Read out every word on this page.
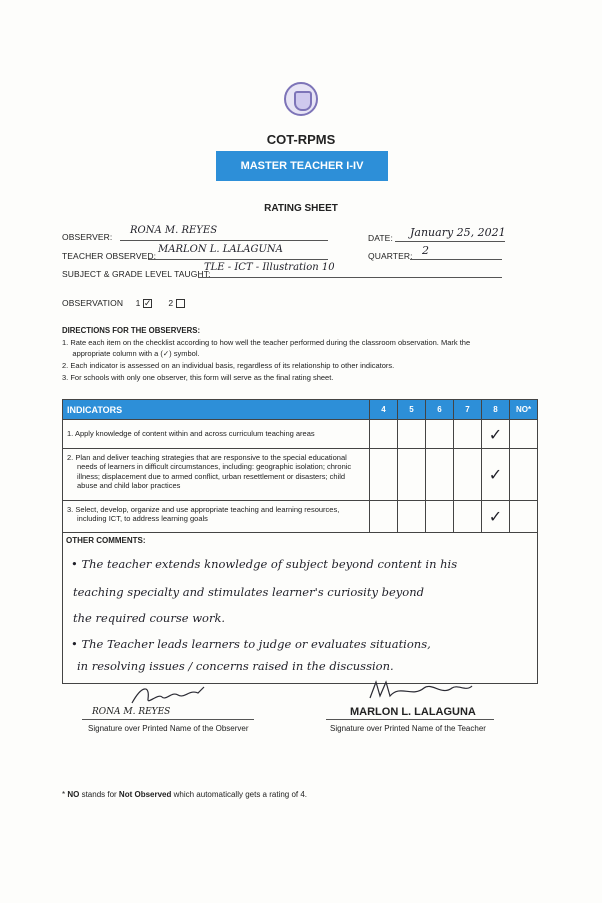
COT-RPMS
MASTER TEACHER I-IV
RATING SHEET
OBSERVER:
RONA M. REYES
DATE: January 25, 2021
TEACHER OBSERVED:
MARLON L. LALAGUNA
QUARTER: 2
SUBJECT & GRADE LEVEL TAUGHT:
TLE - ICT - Illustration 10
OBSERVATION 1 ✓ 2
DIRECTIONS FOR THE OBSERVERS:
1. Rate each item on the checklist according to how well the teacher performed during the classroom observation. Mark the
appropriate column with a (✓) symbol.
2. Each indicator is assessed on an individual basis, regardless of its relationship to other indicators.
3. For schools with only one observer, this form will serve as the final rating sheet.
INDICATORS	4	5	6	7	8	NO*
1. Apply knowledge of content within and across curriculum teaching areas					✓	
2. Plan and deliver teaching strategies that are responsive to the special educational needs of learners in difficult circumstances, including: geographic isolation; chronic illness; displacement due to armed conflict, urban resettlement or disasters; child abuse and child labor practices					✓	
3. Select, develop, organize and use appropriate teaching and learning resources, including ICT, to address learning goals					✓	
OTHER COMMENTS:
• The teacher extends knowledge of subject beyond content in his
teaching specialty and stimulates learner's curiosity beyond
the required course work.
• The Teacher leads learners to judge or evaluates situations,
in resolving issues / concerns raised in the discussion.
RONA M. REYES
Signature over Printed Name of the Observer
MARLON L. LALAGUNA
Signature over Printed Name of the Teacher
* NO stands for Not Observed which automatically gets a rating of 4.
